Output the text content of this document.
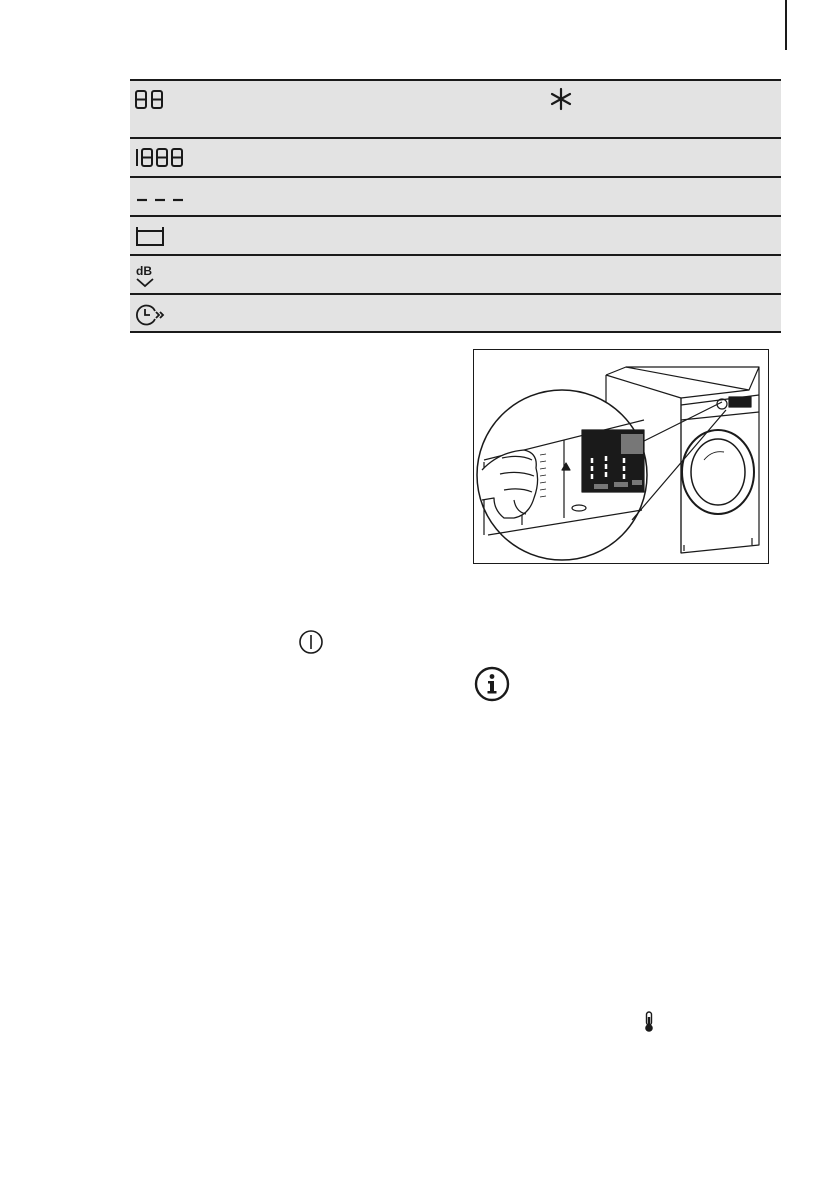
dB
